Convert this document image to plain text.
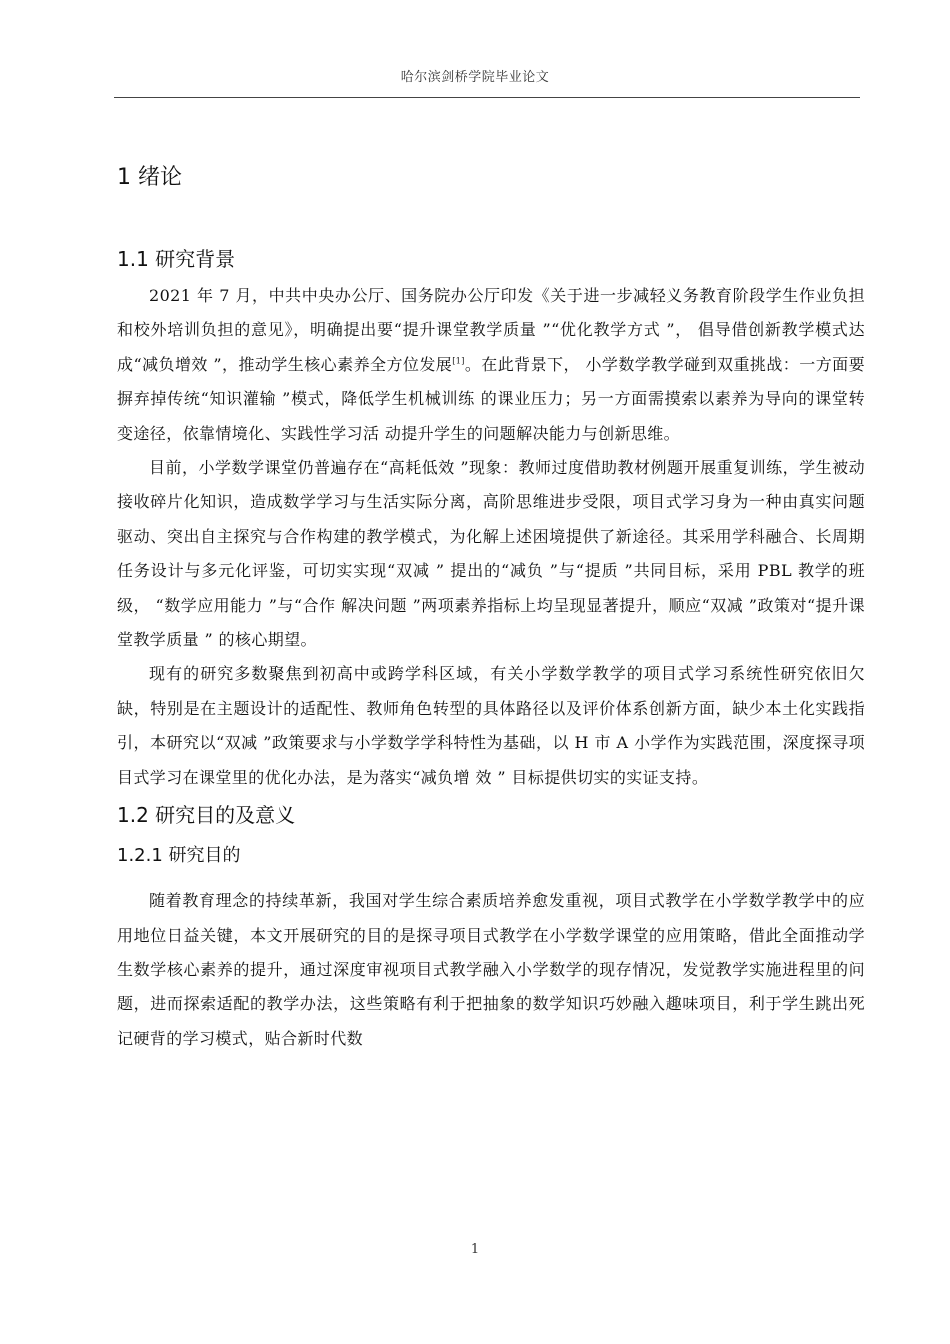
哈尔滨剑桥学院毕业论文
1 绪论
1.1 研究背景

2021 年 7 月，中共中央办公厅、国务院办公厅印发《关于进一步减轻义务教育阶段学生作业负担和校外培训负担的意见》，明确提出要“提升课堂教学质量 ”“优化教学方式 ”， 倡导借创新教学模式达成“减负增效 ”，推动学生核心素养全方位发展[1]。在此背景下， 小学数学教学碰到双重挑战：一方面要摒弃掉传统“知识灌输 ”模式，降低学生机械训练 的课业压力；另一方面需摸索以素养为导向的课堂转变途径，依靠情境化、实践性学习活 动提升学生的问题解决能力与创新思维。

目前，小学数学课堂仍普遍存在“高耗低效 ”现象：教师过度借助教材例题开展重复训练，学生被动接收碎片化知识，造成数学学习与生活实际分离，高阶思维进步受限，项目式学习身为一种由真实问题驱动、突出自主探究与合作构建的教学模式，为化解上述困境提供了新途径。其采用学科融合、长周期任务设计与多元化评鉴，可切实实现“双减 ” 提出的“减负 ”与“提质 ”共同目标，采用 PBL 教学的班级， “数学应用能力 ”与“合作 解决问题 ”两项素养指标上均呈现显著提升，顺应“双减 ”政策对“提升课堂教学质量 ” 的核心期望。

现有的研究多数聚焦到初高中或跨学科区域，有关小学数学教学的项目式学习系统性研究依旧欠缺，特别是在主题设计的适配性、教师角色转型的具体路径以及评价体系创新方面，缺少本土化实践指引，本研究以“双减 ”政策要求与小学数学学科特性为基础，以 H 市 A 小学作为实践范围，深度探寻项目式学习在课堂里的优化办法，是为落实“减负增 效 ” 目标提供切实的实证支持。

1.2 研究目的及意义
1.2.1 研究目的

随着教育理念的持续革新，我国对学生综合素质培养愈发重视，项目式教学在小学数学教学中的应用地位日益关键，本文开展研究的目的是探寻项目式教学在小学数学课堂的应用策略，借此全面推动学生数学核心素养的提升，通过深度审视项目式教学融入小学数学的现存情况，发觉教学实施进程里的问题，进而探索适配的教学办法，这些策略有利于把抽象的数学知识巧妙融入趣味项目，利于学生跳出死记硬背的学习模式，贴合新时代数

1
